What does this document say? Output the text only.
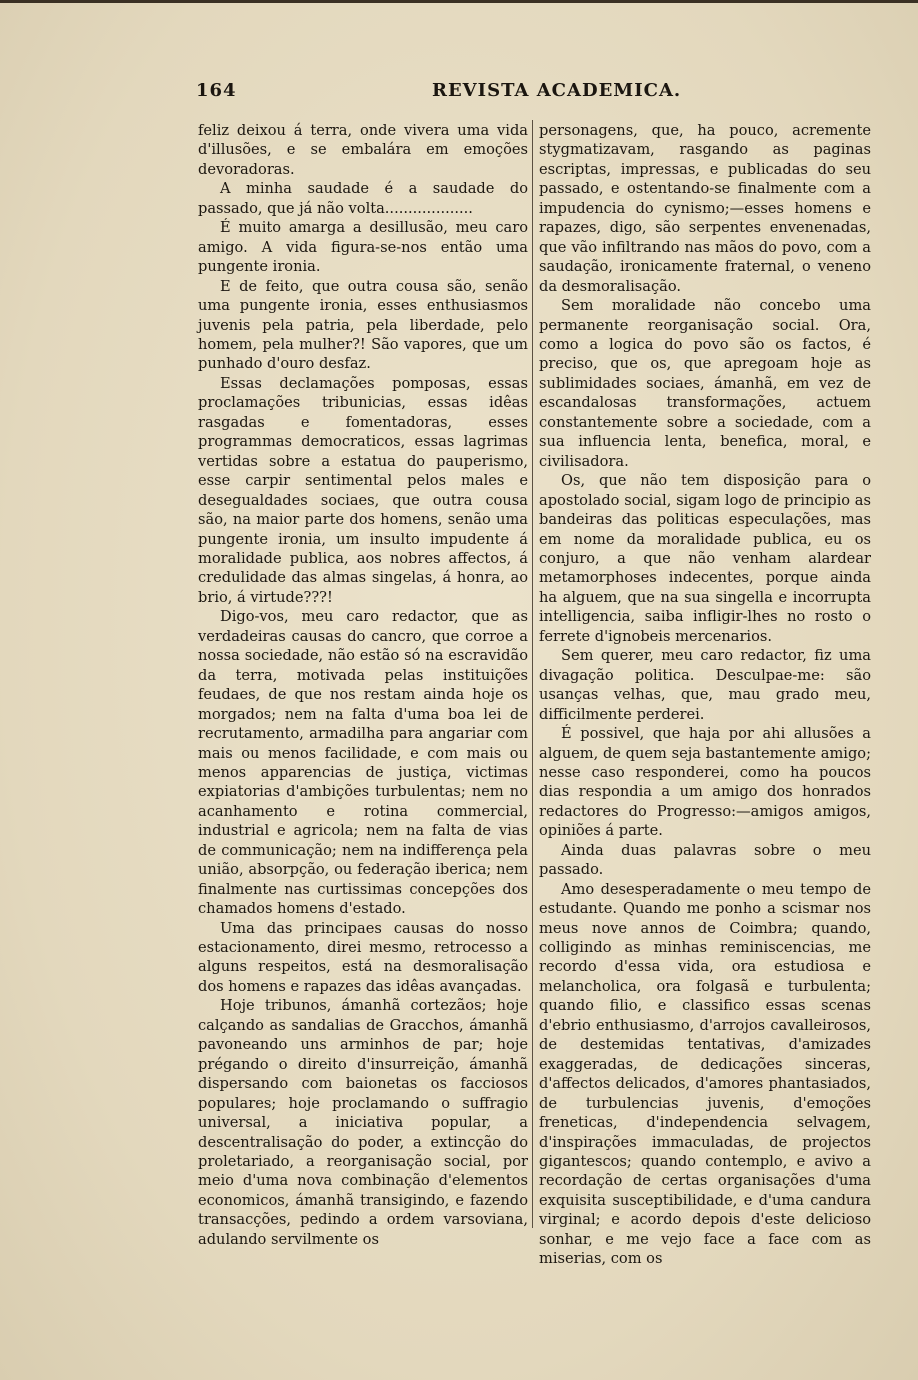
164	REVISTA ACADEMICA.

feliz deixou á terra, onde vivera uma vida d'illusões, e se embalára em emoções devoradoras.

A minha saudade é a saudade do passado, que já não volta...................

É muito amarga a desillusão, meu caro amigo. A vida figura-se-nos então uma pungente ironia.

E de feito, que outra cousa são, senão uma pungente ironia, esses enthusiasmos juvenis pela patria, pela liberdade, pelo homem, pela mulher?! São vapores, que um punhado d'ouro desfaz.

Essas declamações pomposas, essas proclamações tribunicias, essas idêas rasgadas e fomentadoras, esses programmas democraticos, essas lagrimas vertidas sobre a estatua do pauperismo, esse carpir sentimental pelos males e desegualdades sociaes, que outra cousa são, na maior parte dos homens, senão uma pungente ironia, um insulto impudente á moralidade publica, aos nobres affectos, á credulidade das almas singelas, á honra, ao brio, á virtude???!

Digo-vos, meu caro redactor, que as verdadeiras causas do cancro, que corroe a nossa sociedade, não estão só na escravidão da terra, motivada pelas instituições feudaes, de que nos restam ainda hoje os morgados; nem na falta d'uma boa lei de recrutamento, armadilha para angariar com mais ou menos facilidade, e com mais ou menos apparencias de justiça, victimas expiatorias d'ambições turbulentas; nem no acanhamento e rotina commercial, industrial e agricola; nem na falta de vias de communicação; nem na indifferença pela união, absorpção, ou federação iberica; nem finalmente nas curtissimas concepções dos chamados homens d'estado.

Uma das principaes causas do nosso estacionamento, direi mesmo, retrocesso a alguns respeitos, está na desmoralisação dos homens e rapazes das idêas avançadas.

Hoje tribunos, ámanhã cortezãos; hoje calçando as sandalias de Gracchos, ámanhã pavoneando uns arminhos de par; hoje prégando o direito d'insurreição, ámanhã dispersando com baionetas os facciosos populares; hoje proclamando o suffragio universal, a iniciativa popular, a descentralisação do poder, a extincção do proletariado, a reorganisação social, por meio d'uma nova combinação d'elementos economicos, ámanhã transigindo, e fazendo transacções, pedindo a ordem varsoviana, adulando servilmente os

personagens, que, ha pouco, acremente stygmatizavam, rasgando as paginas escriptas, impressas, e publicadas do seu passado, e ostentando-se finalmente com a impudencia do cynismo;—esses homens e rapazes, digo, são serpentes envenenadas, que vão infiltrando nas mãos do povo, com a saudação, ironicamente fraternal, o veneno da desmoralisação.

Sem moralidade não concebo uma permanente reorganisação social. Ora, como a logica do povo são os factos, é preciso, que os, que apregoam hoje as sublimidades sociaes, ámanhã, em vez de escandalosas transformações, actuem constantemente sobre a sociedade, com a sua influencia lenta, benefica, moral, e civilisadora.

Os, que não tem disposição para o apostolado social, sigam logo de principio as bandeiras das politicas especulações, mas em nome da moralidade publica, eu os conjuro, a que não venham alardear metamorphoses indecentes, porque ainda ha alguem, que na sua singella e incorrupta intelligencia, saiba infligir-lhes no rosto o ferrete d'ignobeis mercenarios.

Sem querer, meu caro redactor, fiz uma divagação politica. Desculpae-me: são usanças velhas, que, mau grado meu, difficilmente perderei.

É possivel, que haja por ahi allusões a alguem, de quem seja bastantemente amigo; nesse caso responderei, como ha poucos dias respondia a um amigo dos honrados redactores do Progresso:—amigos amigos, opiniões á parte.

Ainda duas palavras sobre o meu passado.

Amo desesperadamente o meu tempo de estudante. Quando me ponho a scismar nos meus nove annos de Coimbra; quando, colligindo as minhas reminiscencias, me recordo d'essa vida, ora estudiosa e melancholica, ora folgasã e turbulenta; quando filio, e classifico essas scenas d'ebrio enthusiasmo, d'arrojos cavalleirosos, de destemidas tentativas, d'amizades exaggeradas, de dedicações sinceras, d'affectos delicados, d'amores phantasiados, de turbulencias juvenis, d'emoções freneticas, d'independencia selvagem, d'inspirações immaculadas, de projectos gigantescos; quando contemplo, e avivo a recordação de certas organisações d'uma exquisita susceptibilidade, e d'uma candura virginal; e acordo depois d'este delicioso sonhar, e me vejo face a face com as miserias, com os
